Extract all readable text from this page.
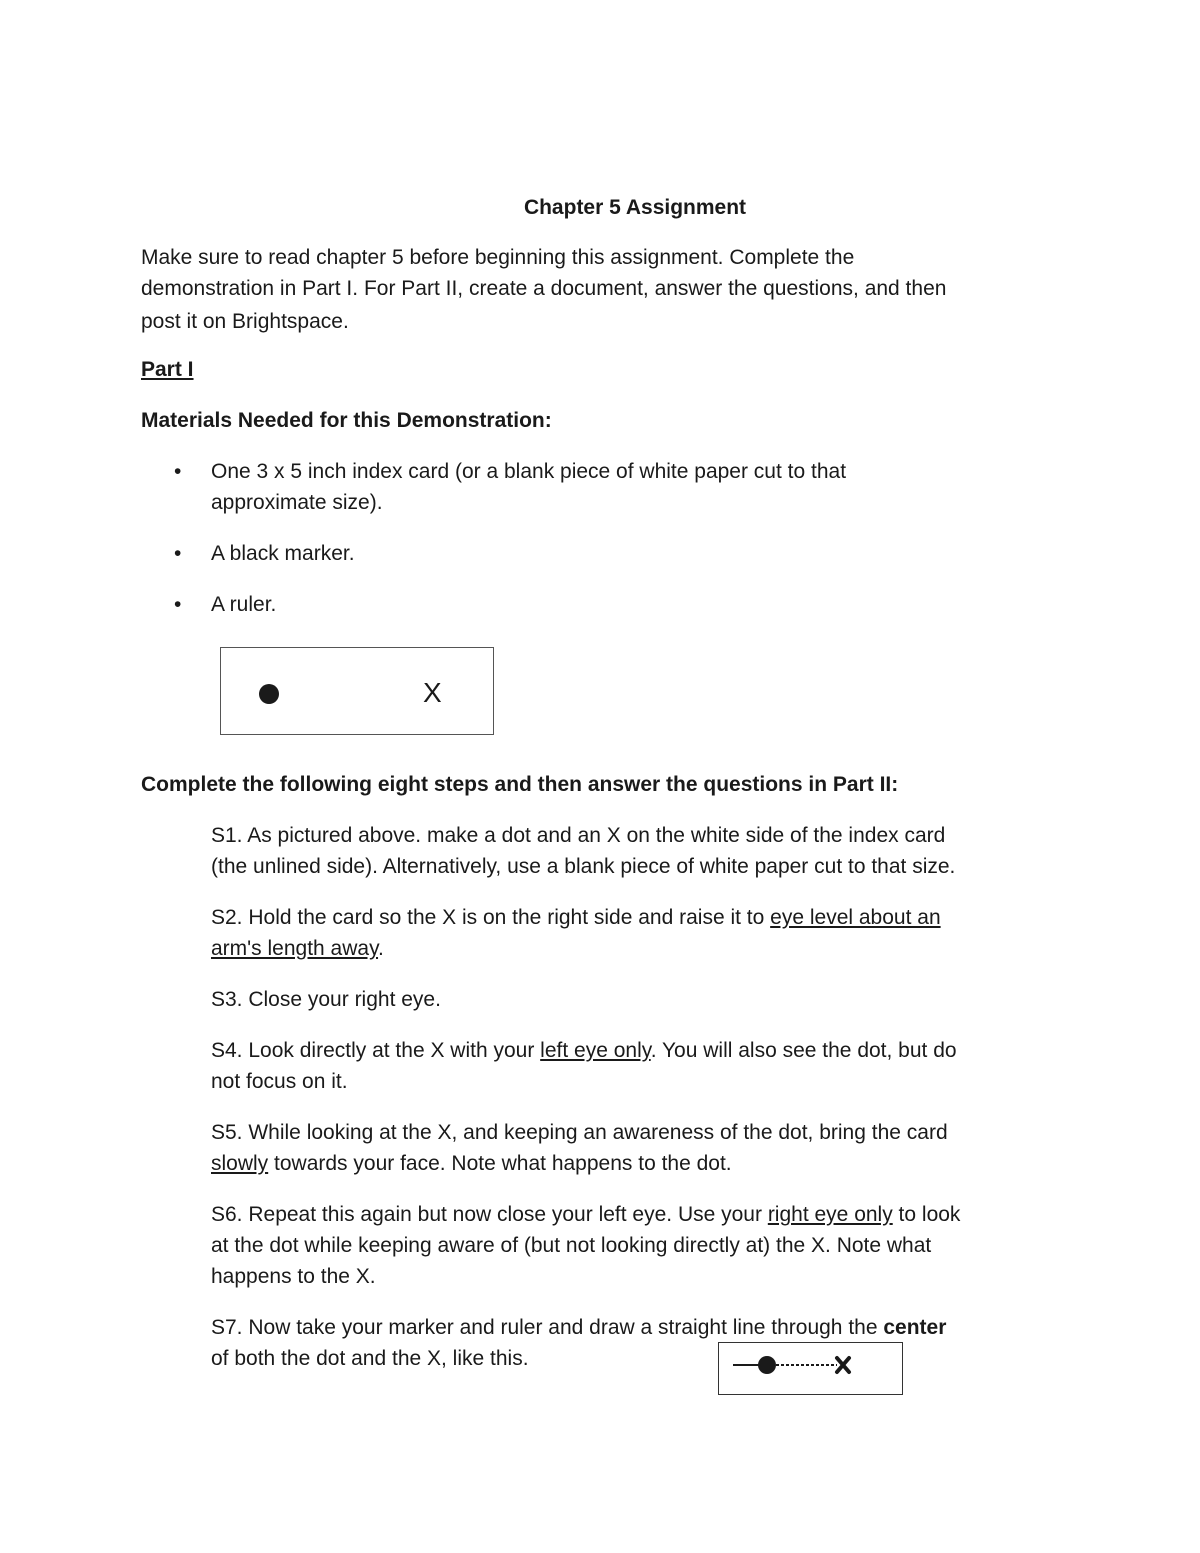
Chapter 5 Assignment

Make sure to read chapter 5 before beginning this assignment. Complete the

demonstration in Part I. For Part II, create a document, answer the questions, and then

post it on Brightspace.

Part I
Materials Needed for this Demonstration:
• One 3 x 5 inch index card (or a blank piece of white paper cut to that
approximate size).
• A black marker.
• A ruler.
X
Complete the following eight steps and then answer the questions in Part II:

S1. As pictured above. make a dot and an X on the white side of the index card
(the unlined side). Alternatively, use a blank piece of white paper cut to that size.

S2. Hold the card so the X is on the right side and raise it to eye level about an
arm's length away.

S3. Close your right eye.

S4. Look directly at the X with your left eye only. You will also see the dot, but do
not focus on it.

S5. While looking at the X, and keeping an awareness of the dot, bring the card
slowly towards your face. Note what happens to the dot.

S6. Repeat this again but now close your left eye. Use your right eye only to look
at the dot while keeping aware of (but not looking directly at) the X. Note what
happens to the X.

S7. Now take your marker and ruler and draw a straight line through the center
of both the dot and the X, like this.
